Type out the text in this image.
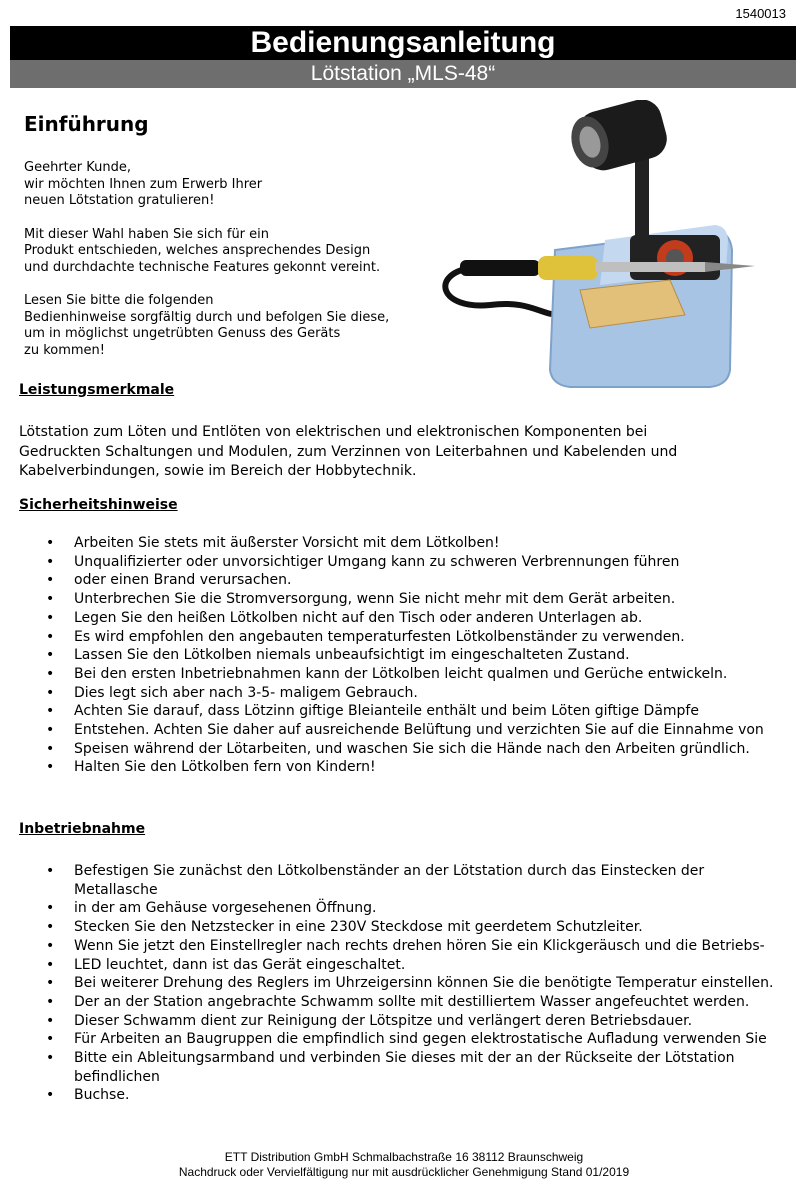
1540013
Bedienungsanleitung
Lötstation „MLS-48“
Einführung

Geehrter Kunde,
wir möchten Ihnen zum Erwerb Ihrer
neuen Lötstation gratulieren!

Mit dieser Wahl haben Sie sich für ein
Produkt entschieden, welches ansprechendes Design
und durchdachte technische Features gekonnt vereint.

Lesen Sie bitte die folgenden
Bedienhinweise sorgfältig durch und befolgen Sie diese,
um in möglichst ungetrübten Genuss des Geräts
zu kommen!

Leistungsmerkmale
Lötstation zum Löten und Entlöten von elektrischen und elektronischen Komponenten bei
Gedruckten Schaltungen und Modulen, zum Verzinnen von Leiterbahnen und Kabelenden und
Kabelverbindungen, sowie im Bereich der Hobbytechnik.
Sicherheitshinweise
• Arbeiten Sie stets mit äußerster Vorsicht mit dem Lötkolben!
• Unqualifizierter oder unvorsichtiger Umgang kann zu schweren Verbrennungen führen
• oder einen Brand verursachen.
• Unterbrechen Sie die Stromversorgung, wenn Sie nicht mehr mit dem Gerät arbeiten.
• Legen Sie den heißen Lötkolben nicht auf den Tisch oder anderen Unterlagen ab.
• Es wird empfohlen den angebauten temperaturfesten Lötkolbenständer zu verwenden.
• Lassen Sie den Lötkolben niemals unbeaufsichtigt im eingeschalteten Zustand.
• Bei den ersten Inbetriebnahmen kann der Lötkolben leicht qualmen und Gerüche entwickeln.
• Dies legt sich aber nach 3-5- maligem Gebrauch.
• Achten Sie darauf, dass Lötzinn giftige Bleianteile enthält und beim Löten giftige Dämpfe
• Entstehen. Achten Sie daher auf ausreichende Belüftung und verzichten Sie auf die Einnahme von
• Speisen während der Lötarbeiten, und waschen Sie sich die Hände nach den Arbeiten gründlich.
• Halten Sie den Lötkolben fern von Kindern!
Inbetriebnahme
• Befestigen Sie zunächst den Lötkolbenständer an der Lötstation durch das Einstecken der Metallasche
• in der am Gehäuse vorgesehenen Öffnung.
• Stecken Sie den Netzstecker in eine 230V Steckdose mit geerdetem Schutzleiter.
• Wenn Sie jetzt den Einstellregler nach rechts drehen hören Sie ein Klickgeräusch und die Betriebs-
• LED leuchtet, dann ist das Gerät eingeschaltet.
• Bei weiterer Drehung des Reglers im Uhrzeigersinn können Sie die benötigte Temperatur einstellen.
• Der an der Station angebrachte Schwamm sollte mit destilliertem Wasser angefeuchtet werden.
• Dieser Schwamm dient zur Reinigung der Lötspitze und verlängert deren Betriebsdauer.
• Für Arbeiten an Baugruppen die empfindlich sind gegen elektrostatische Aufladung verwenden Sie
• Bitte ein Ableitungsarmband und verbinden Sie dieses mit der an der Rückseite der Lötstation
befindlichen
• Buchse.
ETT Distribution GmbH Schmalbachstraße 16 38112 Braunschweig
Nachdruck oder Vervielfältigung nur mit ausdrücklicher Genehmigung Stand 01/2019
